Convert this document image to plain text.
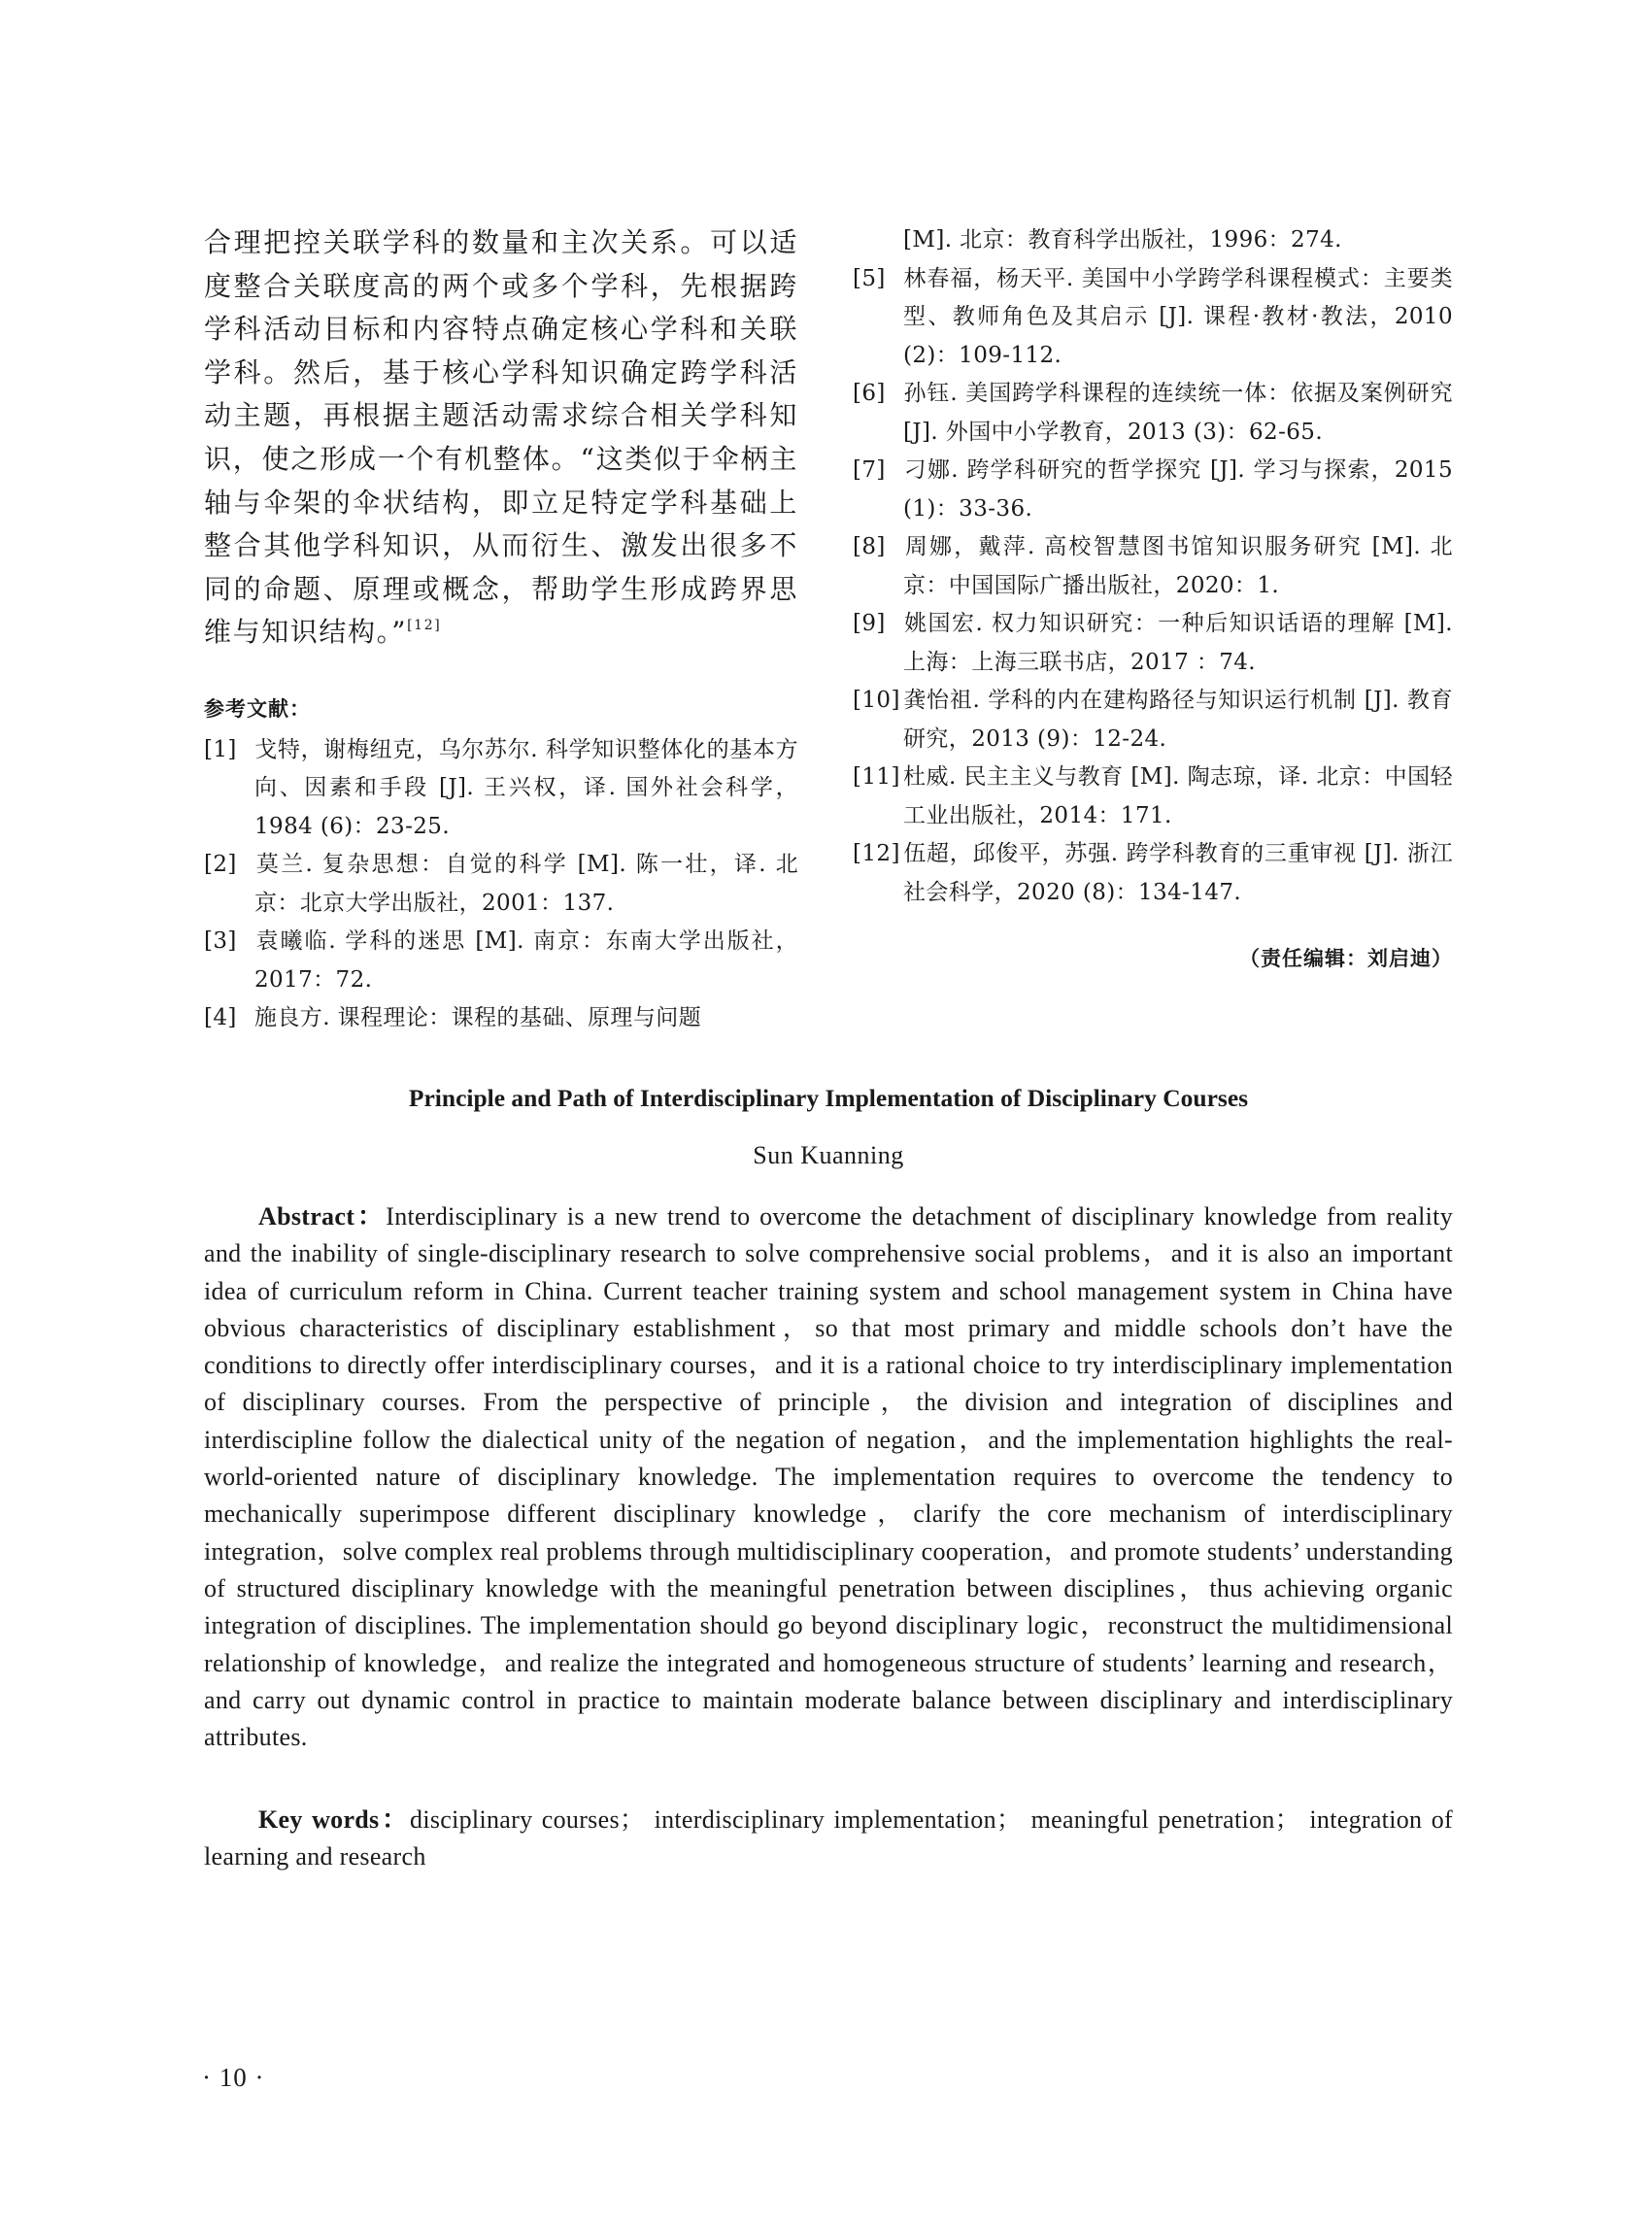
合理把控关联学科的数量和主次关系。可以适度整合关联度高的两个或多个学科，先根据跨学科活动目标和内容特点确定核心学科和关联学科。然后，基于核心学科知识确定跨学科活动主题，再根据主题活动需求综合相关学科知识，使之形成一个有机整体。“这类似于伞柄主轴与伞架的伞状结构，即立足特定学科基础上整合其他学科知识，从而衍生、激发出很多不同的命题、原理或概念，帮助学生形成跨界思维与知识结构。”[12]

参考文献：
[1] 戈特，谢梅纽克，乌尔苏尔. 科学知识整体化的基本方向、因素和手段 [J]. 王兴权，译. 国外社会科学，1984 (6)：23-25.
[2] 莫兰. 复杂思想：自觉的科学 [M]. 陈一壮，译. 北京：北京大学出版社，2001：137.
[3] 袁曦临. 学科的迷思 [M]. 南京：东南大学出版社，2017：72.
[4] 施良方. 课程理论：课程的基础、原理与问题
[M]. 北京：教育科学出版社，1996：274.
[5] 林春福，杨天平. 美国中小学跨学科课程模式：主要类型、教师角色及其启示 [J]. 课程·教材·教法，2010 (2)：109-112.
[6] 孙钰. 美国跨学科课程的连续统一体：依据及案例研究 [J]. 外国中小学教育，2013 (3)：62-65.
[7] 刁娜. 跨学科研究的哲学探究 [J]. 学习与探索，2015 (1)：33-36.
[8] 周娜，戴萍. 高校智慧图书馆知识服务研究 [M]. 北京：中国国际广播出版社，2020：1.
[9] 姚国宏. 权力知识研究：一种后知识话语的理解 [M]. 上海：上海三联书店，2017 ：74.
[10] 龚怡祖. 学科的内在建构路径与知识运行机制 [J]. 教育研究，2013 (9)：12-24.
[11] 杜威. 民主主义与教育 [M]. 陶志琼，译. 北京：中国轻工业出版社，2014：171.
[12] 伍超，邱俊平，苏强. 跨学科教育的三重审视 [J]. 浙江社会科学，2020 (8)：134-147.
（责任编辑：刘启迪）
Principle and Path of Interdisciplinary Implementation of Disciplinary Courses
Sun Kuanning

Abstract：Interdisciplinary is a new trend to overcome the detachment of disciplinary knowledge from reality and the inability of single-disciplinary research to solve comprehensive social problems，and it is also an important idea of curriculum reform in China. Current teacher training system and school management system in China have obvious characteristics of disciplinary establishment，so that most primary and middle schools don’t have the conditions to directly offer interdisciplinary courses，and it is a rational choice to try interdisciplinary implementation of disciplinary courses. From the perspective of principle，the division and integration of disciplines and interdiscipline follow the dialectical unity of the negation of negation，and the implementation highlights the real-world-oriented nature of disciplinary knowledge. The implementation requires to overcome the tendency to mechanically superimpose different disciplinary knowledge，clarify the core mechanism of interdisciplinary integration，solve complex real problems through multidisciplinary cooperation，and promote students’ understanding of structured disciplinary knowledge with the meaningful penetration between disciplines，thus achieving organic integration of disciplines. The implementation should go beyond disciplinary logic，reconstruct the multidimensional relationship of knowledge，and realize the integrated and homogeneous structure of students’ learning and research，and carry out dynamic control in practice to maintain moderate balance between disciplinary and interdisciplinary attributes.

Key words：disciplinary courses； interdisciplinary implementation； meaningful penetration； integration of learning and research

· 10 ·
